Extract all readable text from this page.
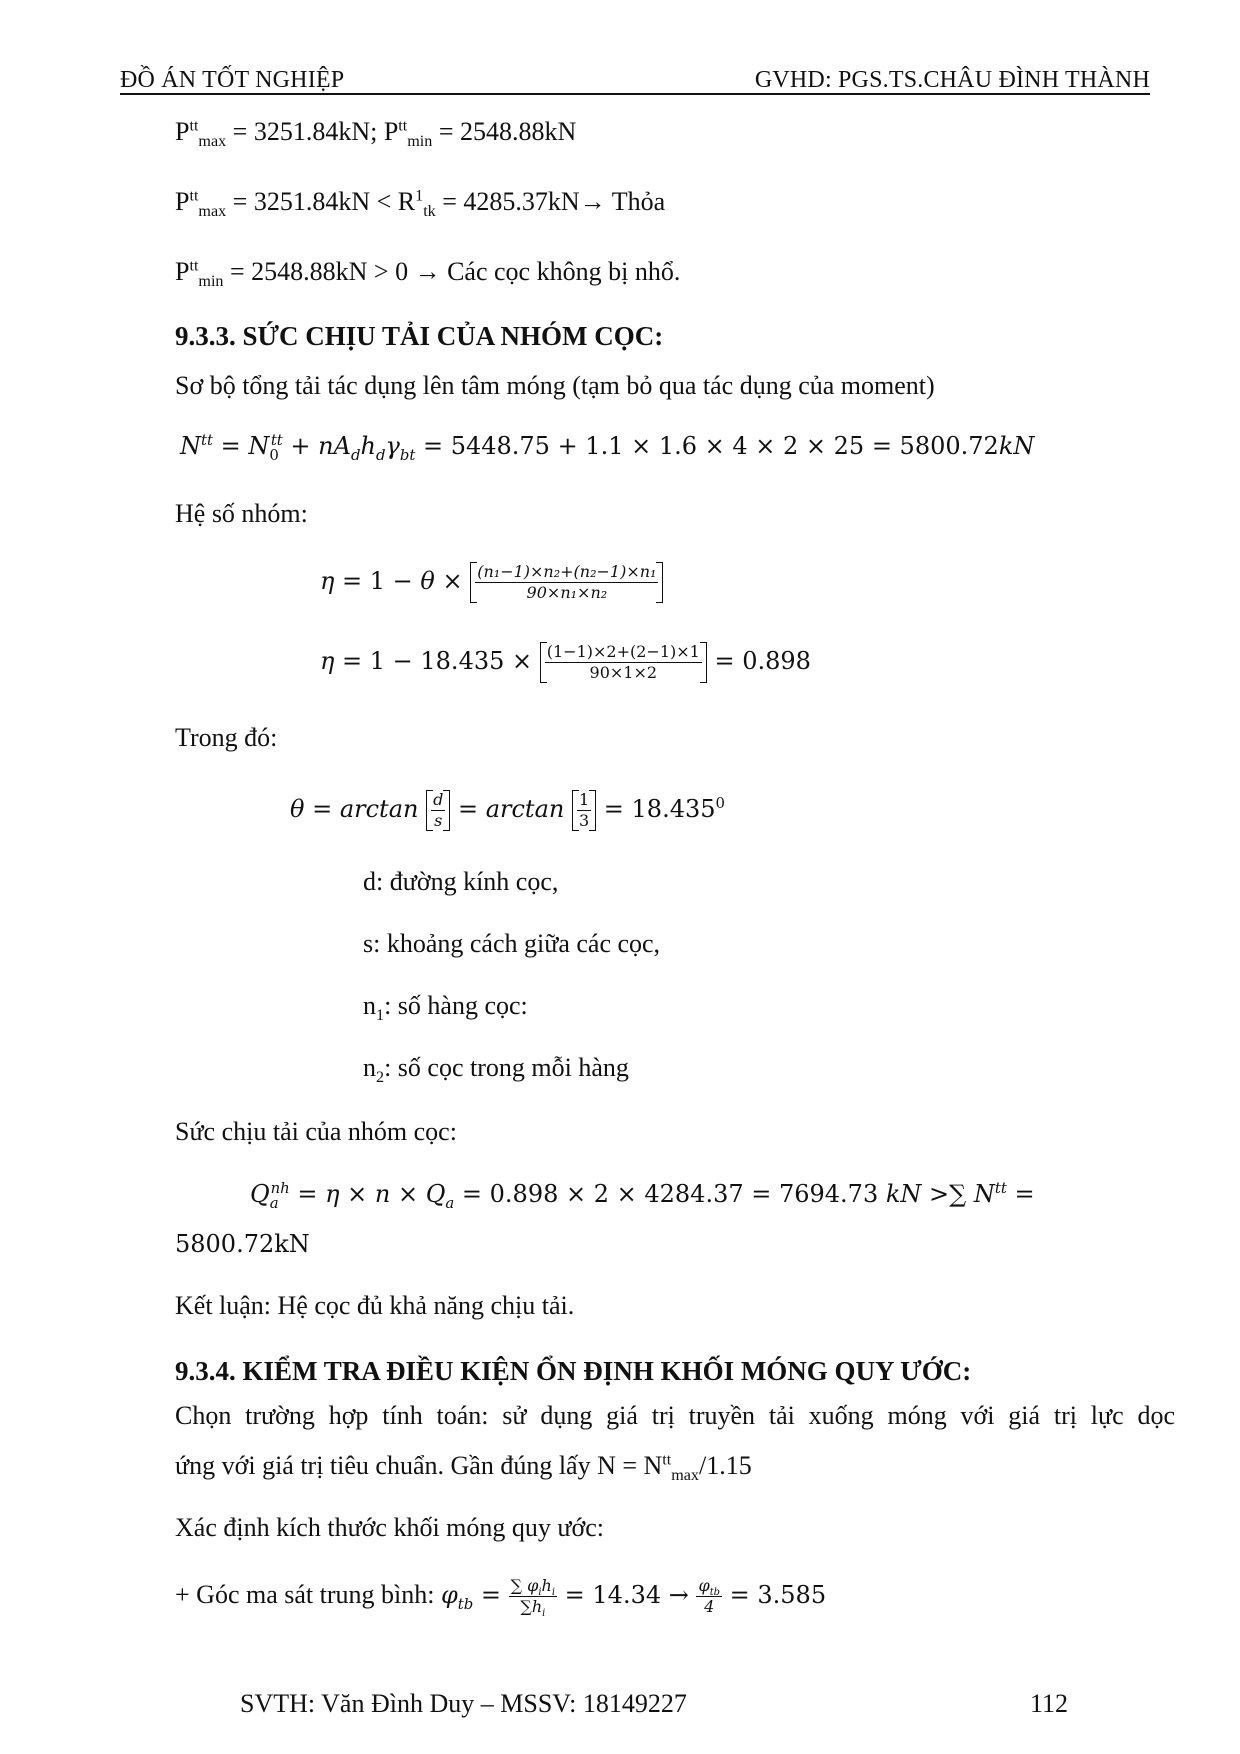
ĐỒ ÁN TỐT NGHIỆP	GVHD: PGS.TS.CHÂU ĐÌNH THÀNH
$P^{tt}_{max} = 3251.84kN$; $P^{tt}_{min} = 2548.88kN$
$P^{tt}_{max} = 3251.84kN < R^1_{tk} = 4285.37kN\to$ Thỏa
$P^{tt}_{min} = 2548.88kN > 0$ → Các cọc không bị nhổ.
9.3.3. SỨC CHỊU TẢI CỦA NHÓM CỌC:
Sơ bộ tổng tải tác dụng lên tâm móng (tạm bỏ qua tác dụng của moment)
$N^{tt} = N_0^{tt} + nA_dh_d\gamma_{bt} = 5448.75 + 1.1 \times 1.6 \times 4 \times 2 \times 25 = 5800.72kN$
Hệ số nhóm:
$\eta = 1 - \theta \times \frac{\text{(n₁−1)×n₂+(n₂−1)×n₁}}{\text{90×n₁×n₂}}$
$\eta = 1 - 18.435 \times \frac{(1-1)\times 2+(2-1)\times 1}{90\times 1\times 2} = 0.898$
Trong đó:
$\theta = \arctan \frac{d}{s} = \arctan \frac{1}{3} = 18.435^0$
d: đường kính cọc,
s: khoảng cách giữa các cọc,
$n_1$: số hàng cọc:
$n_2$: số cọc trong mỗi hàng
Sức chịu tải của nhóm cọc:
$Q_a^{nh} = \eta \times n \times Q_a = 0.898 \times 2 \times 4284.37 = 7694.73$ kN >∑ $N^{tt}$ =
5800.72kN
Kết luận: Hệ cọc đủ khả năng chịu tải.
9.3.4. KIỂM TRA ĐIỀU KIỆN ỔN ĐỊNH KHỐI MÓNG QUY ƯỚC:
Chọn trường hợp tính toán: sử dụng giá trị truyền tải xuống móng với giá trị lực dọc
ứng với giá trị tiêu chuẩn. Gần đúng lấy $N = N^{tt}_{max}/1.15$
Xác định kích thước khối móng quy ước:
+ Góc ma sát trung bình: $\varphi_{tb} = \frac{\sum \varphi_ih_i}{\sum h_i} = 14.34 \to \frac{\varphi_{tb}}{4} = 3.585$
SVTH: Văn Đình Duy – MSSV: 18149227	112
